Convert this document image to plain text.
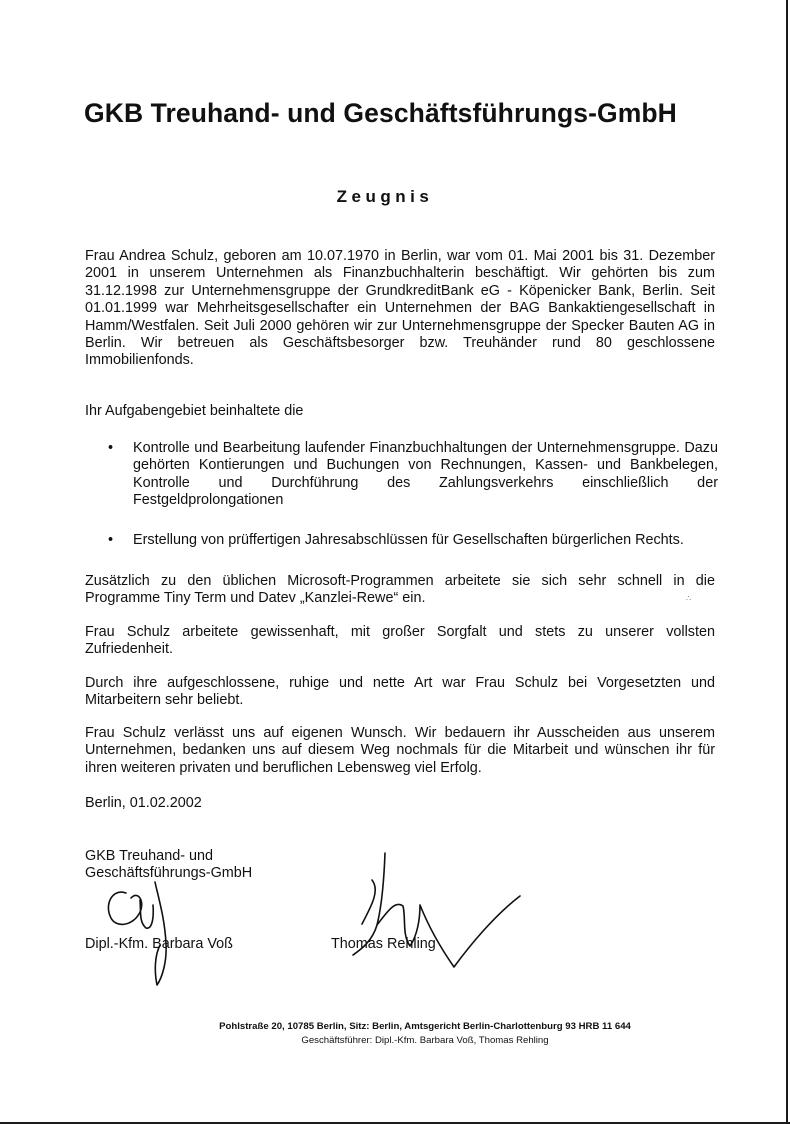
GKB Treuhand- und Geschäftsführungs-GmbH
Zeugnis
Frau Andrea Schulz, geboren am 10.07.1970 in Berlin, war vom 01. Mai 2001 bis 31. Dezember 2001 in unserem Unternehmen als Finanzbuchhalterin beschäftigt. Wir gehörten bis zum 31.12.1998 zur Unternehmensgruppe der GrundkreditBank eG - Köpenicker Bank, Berlin. Seit 01.01.1999 war Mehrheitsgesellschafter ein Unternehmen der BAG Bankaktiengesellschaft in Hamm/Westfalen. Seit Juli 2000 gehören wir zur Unternehmensgruppe der Specker Bauten AG in Berlin. Wir betreuen als Geschäftsbesorger bzw. Treuhänder rund 80 geschlossene Immobilienfonds.
Ihr Aufgabengebiet beinhaltete die
• Kontrolle und Bearbeitung laufender Finanzbuchhaltungen der Unternehmensgruppe. Dazu gehörten Kontierungen und Buchungen von Rechnungen, Kassen- und Bankbelegen, Kontrolle und Durchführung des Zahlungsverkehrs einschließlich der Festgeldprolongationen
• Erstellung von prüffertigen Jahresabschlüssen für Gesellschaften bürgerlichen Rechts.
Zusätzlich zu den üblichen Microsoft-Programmen arbeitete sie sich sehr schnell in die Programme Tiny Term und Datev „Kanzlei-Rewe“ ein.	∴
Frau Schulz arbeitete gewissenhaft, mit großer Sorgfalt und stets zu unserer vollsten Zufriedenheit.
Durch ihre aufgeschlossene, ruhige und nette Art war Frau Schulz bei Vorgesetzten und Mitarbeitern sehr beliebt.
Frau Schulz verlässt uns auf eigenen Wunsch. Wir bedauern ihr Ausscheiden aus unserem Unternehmen, bedanken uns auf diesem Weg nochmals für die Mitarbeit und wünschen ihr für ihren weiteren privaten und beruflichen Lebensweg viel Erfolg.
Berlin, 01.02.2002
GKB Treuhand- und
Geschäftsführungs-GmbH
Dipl.-Kfm. Barbara Voß	Thomas Rehling
Pohlstraße 20, 10785 Berlin, Sitz: Berlin, Amtsgericht Berlin-Charlottenburg 93 HRB 11 644
Geschäftsführer: Dipl.-Kfm. Barbara Voß, Thomas Rehling
